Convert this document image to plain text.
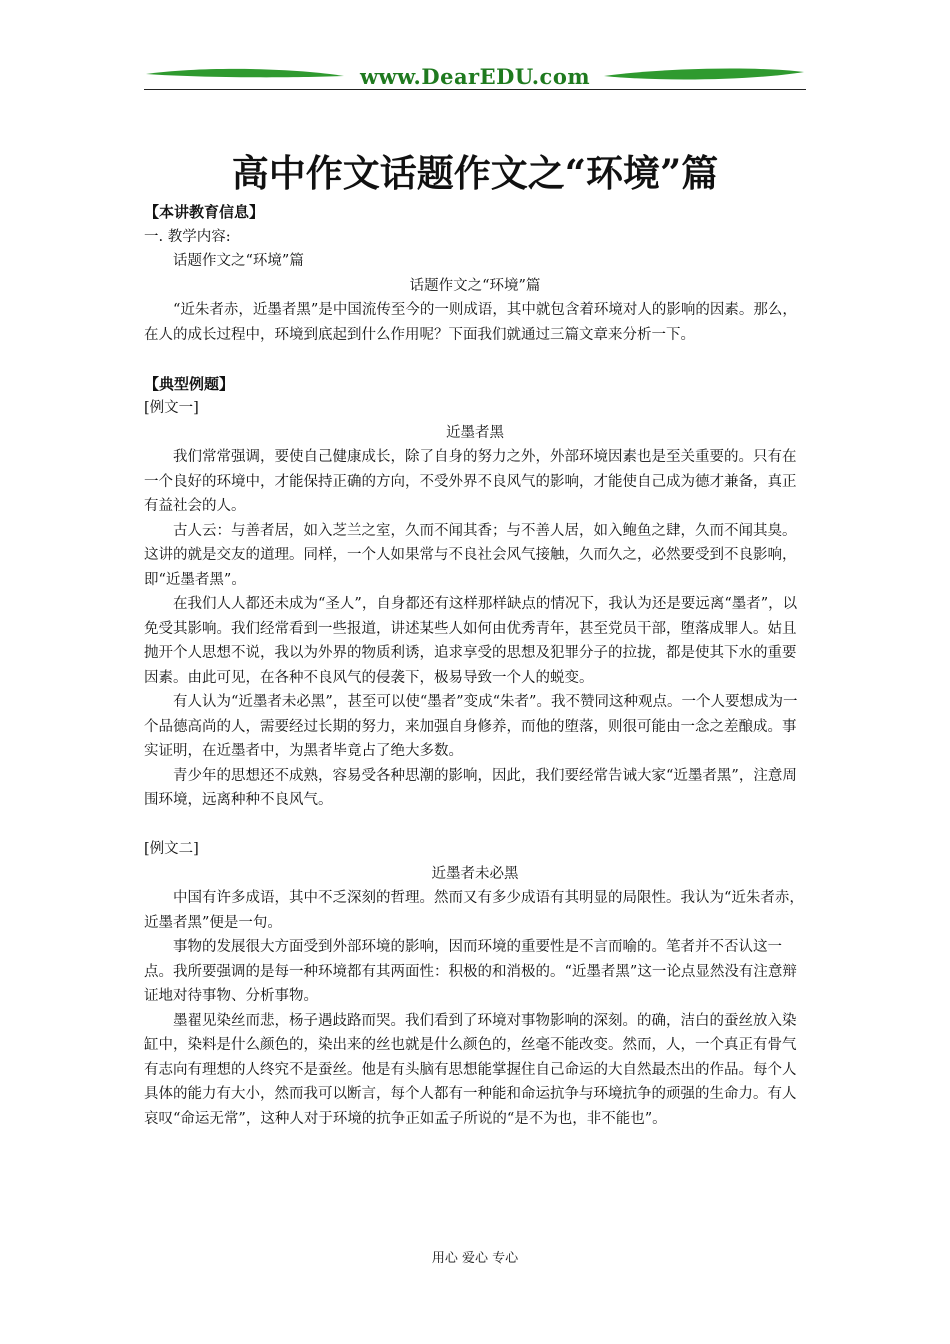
www.DearEDU.com
高中作文话题作文之“环境”篇

【本讲教育信息】

一. 教学内容:

话题作文之“环境”篇

话题作文之“环境”篇

“近朱者赤，近墨者黑”是中国流传至今的一则成语，其中就包含着环境对人的影响的因素。那么，在人的成长过程中，环境到底起到什么作用呢？下面我们就通过三篇文章来分析一下。

【典型例题】

[例文一]

近墨者黑

我们常常强调，要使自己健康成长，除了自身的努力之外，外部环境因素也是至关重要的。只有在一个良好的环境中，才能保持正确的方向，不受外界不良风气的影响，才能使自己成为德才兼备，真正有益社会的人。

古人云：与善者居，如入芝兰之室，久而不闻其香；与不善人居，如入鲍鱼之肆，久而不闻其臭。这讲的就是交友的道理。同样，一个人如果常与不良社会风气接触，久而久之，必然要受到不良影响，即“近墨者黑”。

在我们人人都还未成为“圣人”，自身都还有这样那样缺点的情况下，我认为还是要远离“墨者”，以免受其影响。我们经常看到一些报道，讲述某些人如何由优秀青年，甚至党员干部，堕落成罪人。姑且抛开个人思想不说，我以为外界的物质利诱，追求享受的思想及犯罪分子的拉拢，都是使其下水的重要因素。由此可见，在各种不良风气的侵袭下，极易导致一个人的蜕变。

有人认为“近墨者未必黑”，甚至可以使“墨者”变成“朱者”。我不赞同这种观点。一个人要想成为一个品德高尚的人，需要经过长期的努力，来加强自身修养，而他的堕落，则很可能由一念之差酿成。事实证明，在近墨者中，为黑者毕竟占了绝大多数。

青少年的思想还不成熟，容易受各种思潮的影响，因此，我们要经常告诫大家“近墨者黑”，注意周围环境，远离种种不良风气。

[例文二]

近墨者未必黑

中国有许多成语，其中不乏深刻的哲理。然而又有多少成语有其明显的局限性。我认为“近朱者赤，近墨者黑”便是一句。

事物的发展很大方面受到外部环境的影响，因而环境的重要性是不言而喻的。笔者并不否认这一点。我所要强调的是每一种环境都有其两面性：积极的和消极的。“近墨者黑”这一论点显然没有注意辩证地对待事物、分析事物。

墨翟见染丝而悲，杨子遇歧路而哭。我们看到了环境对事物影响的深刻。的确，洁白的蚕丝放入染缸中，染料是什么颜色的，染出来的丝也就是什么颜色的，丝毫不能改变。然而，人，一个真正有骨气有志向有理想的人终究不是蚕丝。他是有头脑有思想能掌握住自己命运的大自然最杰出的作品。每个人具体的能力有大小，然而我可以断言，每个人都有一种能和命运抗争与环境抗争的顽强的生命力。有人哀叹“命运无常”，这种人对于环境的抗争正如孟子所说的“是不为也，非不能也”。

用心 爱心 专心
